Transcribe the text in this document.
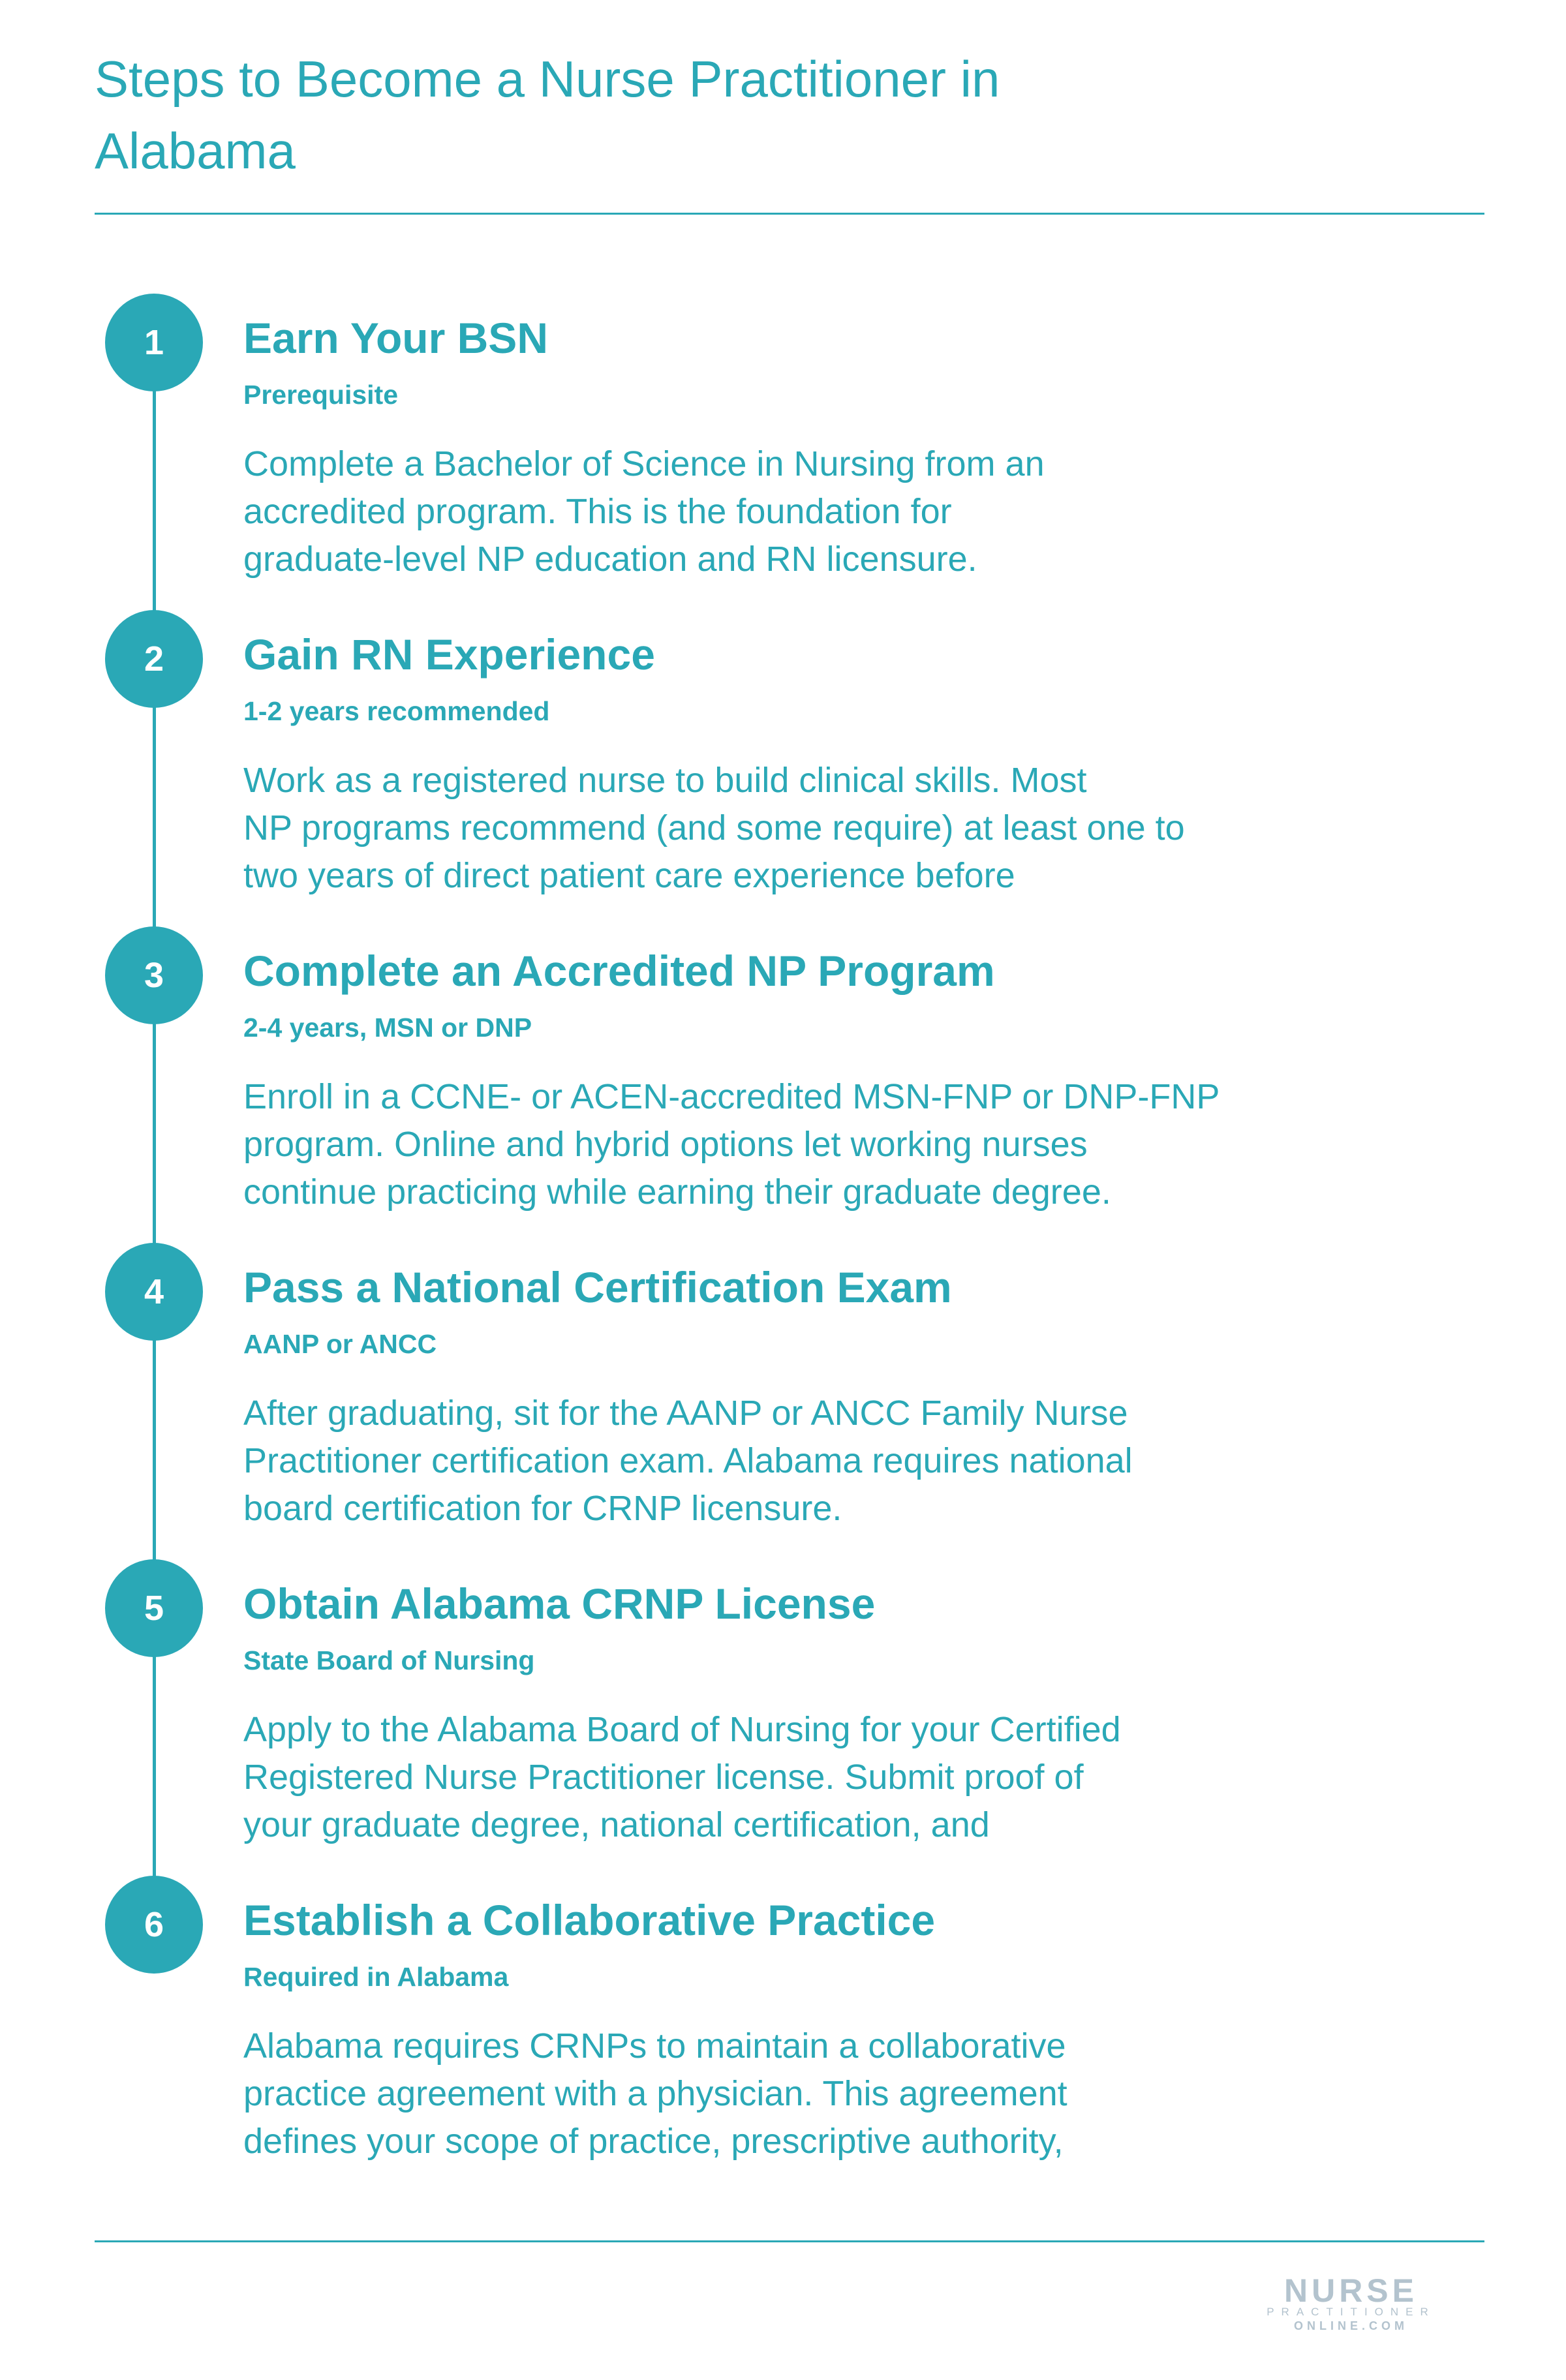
Steps to Become a Nurse Practitioner in
Alabama
1	Earn Your BSN
Prerequisite
Complete a Bachelor of Science in Nursing from an
accredited program. This is the foundation for
graduate-level NP education and RN licensure.
2	Gain RN Experience
1-2 years recommended
Work as a registered nurse to build clinical skills. Most
NP programs recommend (and some require) at least one to
two years of direct patient care experience before
3	Complete an Accredited NP Program
2-4 years, MSN or DNP
Enroll in a CCNE- or ACEN-accredited MSN-FNP or DNP-FNP
program. Online and hybrid options let working nurses
continue practicing while earning their graduate degree.
4	Pass a National Certification Exam
AANP or ANCC
After graduating, sit for the AANP or ANCC Family Nurse
Practitioner certification exam. Alabama requires national
board certification for CRNP licensure.
5	Obtain Alabama CRNP License
State Board of Nursing
Apply to the Alabama Board of Nursing for your Certified
Registered Nurse Practitioner license. Submit proof of
your graduate degree, national certification, and
6	Establish a Collaborative Practice
Required in Alabama
Alabama requires CRNPs to maintain a collaborative
practice agreement with a physician. This agreement
defines your scope of practice, prescriptive authority,
NURSE
PRACTITIONER
ONLINE.COM
